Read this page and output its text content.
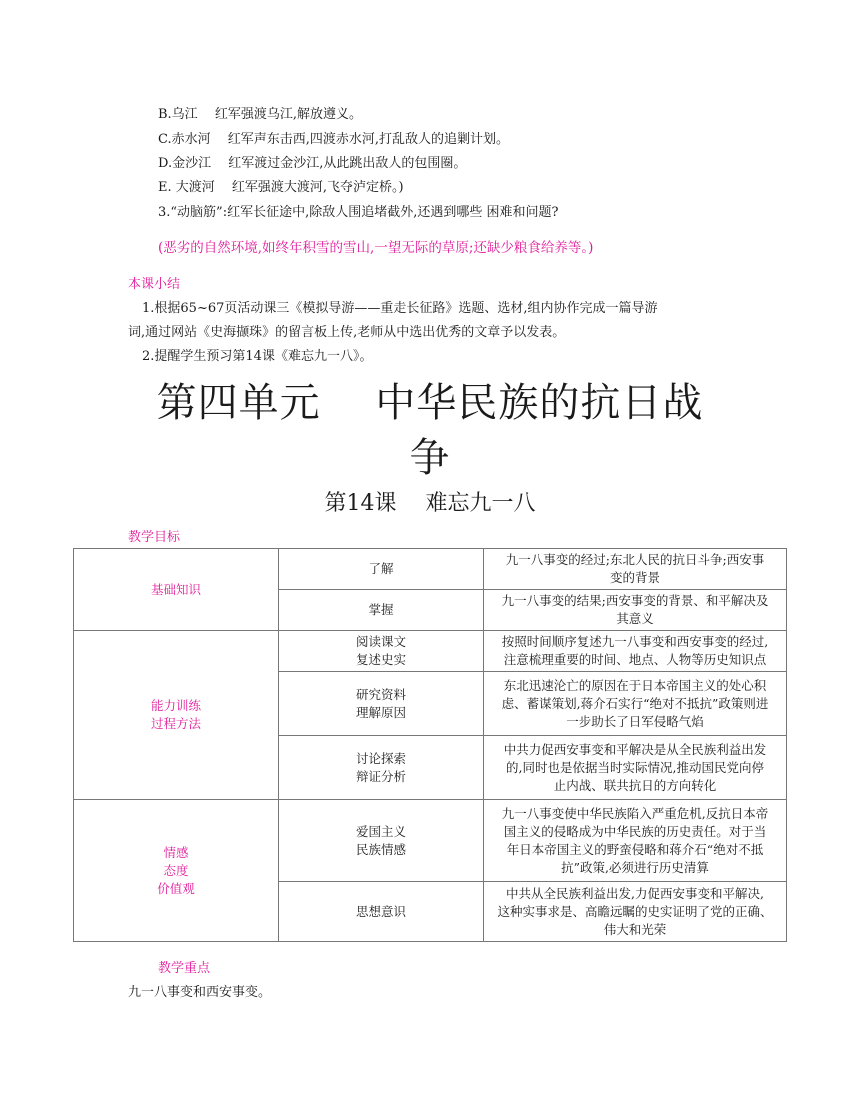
B.乌江　 红军强渡乌江,解放遵义。
C.赤水河　 红军声东击西,四渡赤水河,打乱敌人的追剿计划。
D.金沙江　 红军渡过金沙江,从此跳出敌人的包围圈。
E. 大渡河　 红军强渡大渡河,飞夺泸定桥。)
3.“动脑筋”:红军长征途中,除敌人围追堵截外,还遇到哪些 困难和问题?
(恶劣的自然环境,如终年积雪的雪山,一望无际的草原;还缺少粮食给养等。)
本课小结
1.根据65~67页活动课三《模拟导游——重走长征路》选题、选材,组内协作完成一篇导游
词,通过网站《史海撷珠》的留言板上传,老师从中选出优秀的文章予以发表。
2.提醒学生预习第14课《难忘九一八》。
第四单元　 中华民族的抗日战
争
第14课　 难忘九一八
教学目标
基础知识	了解	九一八事变的经过;东北人民的抗日斗争;西安事
变的背景

	掌握	九一八事变的结果;西安事变的背景、和平解决及
其意义

能力训练
过程方法	阅读课文
复述史实	按照时间顺序复述九一八事变和西安事变的经过,
注意梳理重要的时间、地点、人物等历史知识点

	研究资料
理解原因	东北迅速沦亡的原因在于日本帝国主义的处心积
虑、蓄谋策划,蒋介石实行“绝对不抵抗”政策则进
一步助长了日军侵略气焰

	讨论探索
辩证分析	中共力促西安事变和平解决是从全民族利益出发
的,同时也是依据当时实际情况,推动国民党向停
止内战、联共抗日的方向转化

情感
态度
价值观	爱国主义
民族情感	九一八事变使中华民族陷入严重危机,反抗日本帝
国主义的侵略成为中华民族的历史责任。对于当
年日本帝国主义的野蛮侵略和蒋介石“绝对不抵
抗”政策,必须进行历史清算

	思想意识	中共从全民族利益出发,力促西安事变和平解决,
这种实事求是、高瞻远瞩的史实证明了党的正确、
伟大和光荣
教学重点
九一八事变和西安事变。
